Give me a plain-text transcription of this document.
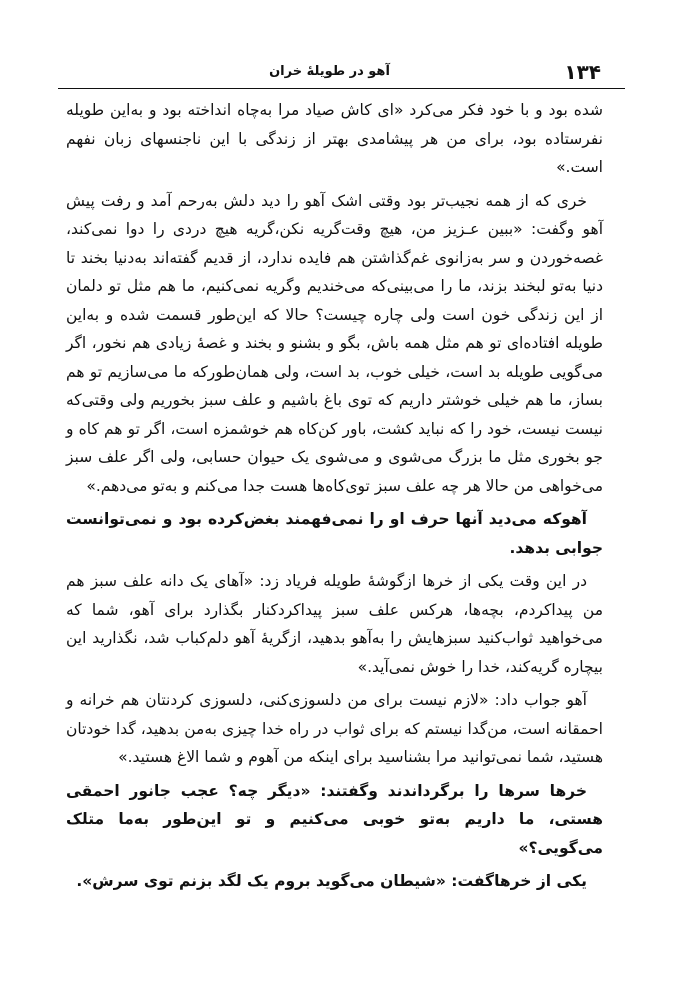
۱۳۴
آهو در طویلهٔ خران

شده بود و با خود فکر می‌کرد «ای کاش صیاد مرا به‌چاه انداخته بود و به‌این طویله نفرستاده بود، برای من هر پیشامدی بهتر از زندگی با این ناجنسهای زبان نفهم است.»

خری که از همه نجیب‌تر بود وقتی اشک آهو را دید دلش به‌رحم آمد و رفت پیش آهو وگفت: «ببین عـزیز من، هیچ وقت‌گریه نکن،گریه هیچ دردی را دوا نمی‌کند، غصه‌خوردن و سر به‌زانوی غم‌گذاشتن هم فایده ندارد، از قدیم گفته‌اند به‌دنیا بخند تا دنیا به‌تو لبخند بزند، ما را می‌بینی‌که می‌خندیم وگریه نمی‌کنیم، ما هم مثل تو دلمان از این زندگی خون است ولی چاره چیست؟ حالا که این‌طور قسمت شده و به‌این طویله افتاده‌ای تو هم مثل همه باش، بگو و بشنو و بخند و غصهٔ زیادی هم نخور، اگر می‌گویی طویله بد است، خیلی خوب، بد است، ولی همان‌طورکه ما می‌سازیم تو هم بساز، ما هم خیلی خوشتر داریم که توی باغ باشیم و علف سبز بخوریم ولی وقتی‌که نیست نیست، خود را که نباید کشت، باور کن‌کاه هم خوشمزه است، اگر تو هم کاه و جو بخوری مثل ما بزرگ می‌شوی و می‌شوی یک حیوان حسابی، ولی اگر علف سبز می‌خواهی من حالا هر چه علف سبز توی‌کاه‌ها هست جدا می‌کنم و به‌تو می‌دهم.»

آهوکه می‌دید آنها حرف او را نمی‌فهمند بغض‌کرده بود و نمی‌توانست جوابی بدهد.

در این وقت یکی از خرها ازگوشهٔ طویله فریاد زد: «آهای یک دانه علف سبز هم من پیدا‌کردم، بچه‌ها، هرکس علف سبز پیدا‌کرد‌کنار بگذارد برای آهو، شما که می‌خواهید ثواب‌کنید سبزهایش را به‌آهو بدهید، ازگریهٔ آهو دلم‌کباب شد، نگذارید این بیچاره گریه‌کند، خدا را خوش نمی‌آید.»

آهو جواب داد: «لازم نیست برای من دلسوزی‌کنی، دلسوزی کردنتان هم خرانه و احمقانه است، من‌گدا نیستم که برای ثواب در راه خدا چیزی به‌من بدهید، گدا خودتان هستید، شما نمی‌توانید مرا بشناسید برای اینکه من آهوم و شما الاغ هستید.»

خرها سرها را برگرداندند وگفتند: «دیگر چه؟ عجب جانور احمقی هستی، ما داریم به‌تو خوبی می‌کنیم و تو این‌طور به‌ما متلک می‌گویی؟»

یکی از خرهاگفت: «شیطان می‌گوید بروم یک لگد بزنم توی سرش».
